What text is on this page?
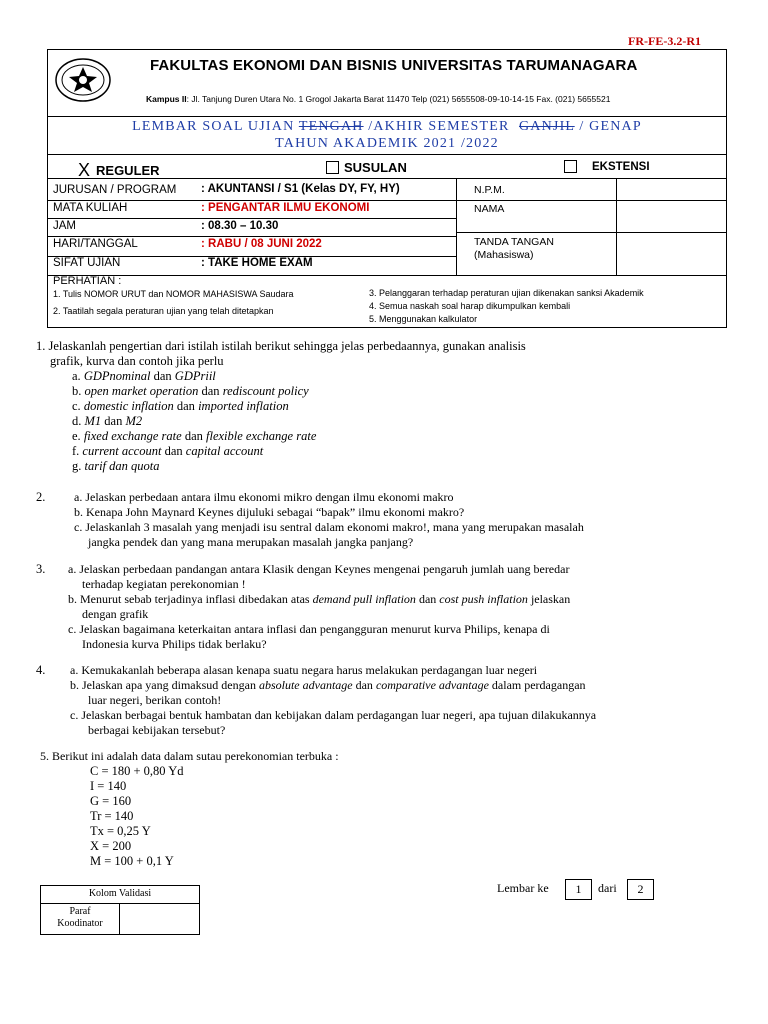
FR-FE-3.2-R1
FAKULTAS EKONOMI DAN BISNIS UNIVERSITAS TARUMANAGARA
Kampus II: Jl. Tanjung Duren Utara No. 1 Grogol Jakarta Barat 11470 Telp (021) 5655508-09-10-14-15 Fax. (021) 5655521
LEMBAR SOAL UJIAN TENGAH /AKHIR SEMESTER GANJIL / GENAP
TAHUN AKADEMIK 2021 /2022
X REGULER	SUSULAN	EKSTENSI
JURUSAN / PROGRAM : AKUNTANSI / S1 (Kelas DY, FY, HY)
MATA KULIAH	: PENGANTAR ILMU EKONOMI
JAM	: 08.30 – 10.30
HARI/TANGGAL	: RABU / 08 JUNI 2022
SIFAT UJIAN	: TAKE HOME EXAM
N.P.M.
NAMA
TANDA TANGAN
(Mahasiswa)
PERHATIAN :
1. Tulis NOMOR URUT dan NOMOR MAHASISWA Saudara
2. Taatilah segala peraturan ujian yang telah ditetapkan
3. Pelanggaran terhadap peraturan ujian dikenakan sanksi Akademik
4. Semua naskah soal harap dikumpulkan kembali
5. Menggunakan kalkulator
1. Jelaskanlah pengertian dari istilah istilah berikut sehingga jelas perbedaannya, gunakan analisis
grafik, kurva dan contoh jika perlu
a. GDPnominal dan GDPriil
b. open market operation dan rediscount policy
c. domestic inflation dan imported inflation
d. M1 dan M2
e. fixed exchange rate dan flexible exchange rate
f. current account dan capital account
g. tarif dan quota
2. a. Jelaskan perbedaan antara ilmu ekonomi mikro dengan ilmu ekonomi makro
b. Kenapa John Maynard Keynes dijuluki sebagai “bapak” ilmu ekonomi makro?
c. Jelaskanlah 3 masalah yang menjadi isu sentral dalam ekonomi makro!, mana yang merupakan masalah
jangka pendek dan yang mana merupakan masalah jangka panjang?
3. a. Jelaskan perbedaan pandangan antara Klasik dengan Keynes mengenai pengaruh jumlah uang beredar
terhadap kegiatan perekonomian !
b. Menurut sebab terjadinya inflasi dibedakan atas demand pull inflation dan cost push inflation jelaskan
dengan grafik
c. Jelaskan bagaimana keterkaitan antara inflasi dan pengangguran menurut kurva Philips, kenapa di
Indonesia kurva Philips tidak berlaku?
4. a. Kemukakanlah beberapa alasan kenapa suatu negara harus melakukan perdagangan luar negeri
b. Jelaskan apa yang dimaksud dengan absolute advantage dan comparative advantage dalam perdagangan
luar negeri, berikan contoh!
c. Jelaskan berbagai bentuk hambatan dan kebijakan dalam perdagangan luar negeri, apa tujuan dilakukannya
berbagai kebijakan tersebut?
5. Berikut ini adalah data dalam sutau perekonomian terbuka :
C = 180 + 0,80 Yd
I = 140
G = 160
Tr = 140
Tx = 0,25 Y
X = 200
M = 100 + 0,1 Y
Kolom Validasi
Paraf
Koodinator
Lembar ke	1	dari	2
